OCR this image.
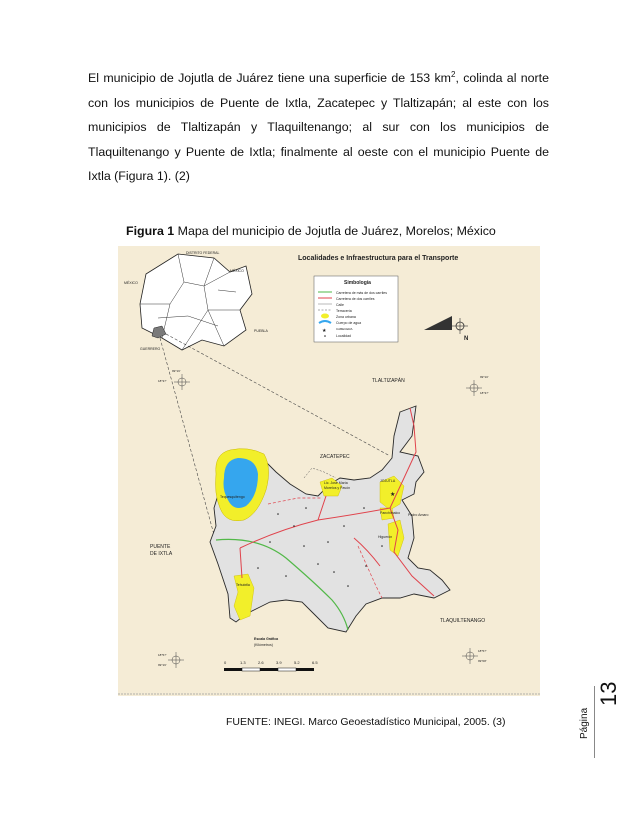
El municipio de Jojutla de Juárez tiene una superficie de 153 $km^2$, colinda al norte con los municipios de Puente de Ixtla, Zacatepec y Tlaltizapán; al este con los municipios de Tlaltizapán y Tlaquiltenango; al sur con los municipios de Tlaquiltenango y Puente de Ixtla; finalmente al oeste con el municipio Puente de Ixtla (Figura 1). (2)

Figura 1 Mapa del municipio de Jojutla de Juárez, Morelos; México
Localidades e Infraestructura para el Transporte
DISTRITO FEDERAL
MÉXICO
MÉXICO
PUEBLA
GUERRERO
Simbología
Carretera de más de dos carriles
Carretera de dos carriles
Calle
Terracería
Zona urbana
Cuerpo de agua
★	CABECERA
Localidad	N
★
TLALTIZAPÁN
ZACATEPEC
PUENTE
DE IXTLA
TLAQUILTENANGO
Tequesquitengo
Lic. José María
Morelos y Pavón
JOJUTLA
Panchimalco Pedro Amaro
Higuerón
Tehuixtla
99°16'
18°37'
99°10'
18°37'
18°57'
99°16'
18°57'
99°08'
Escala Gráfica
(Kilómetros)
0	1.3	2.6	3.9	5.2	6.5
FUENTE: INEGI. Marco Geoestadístico Municipal, 2005. (3)	Página
13
